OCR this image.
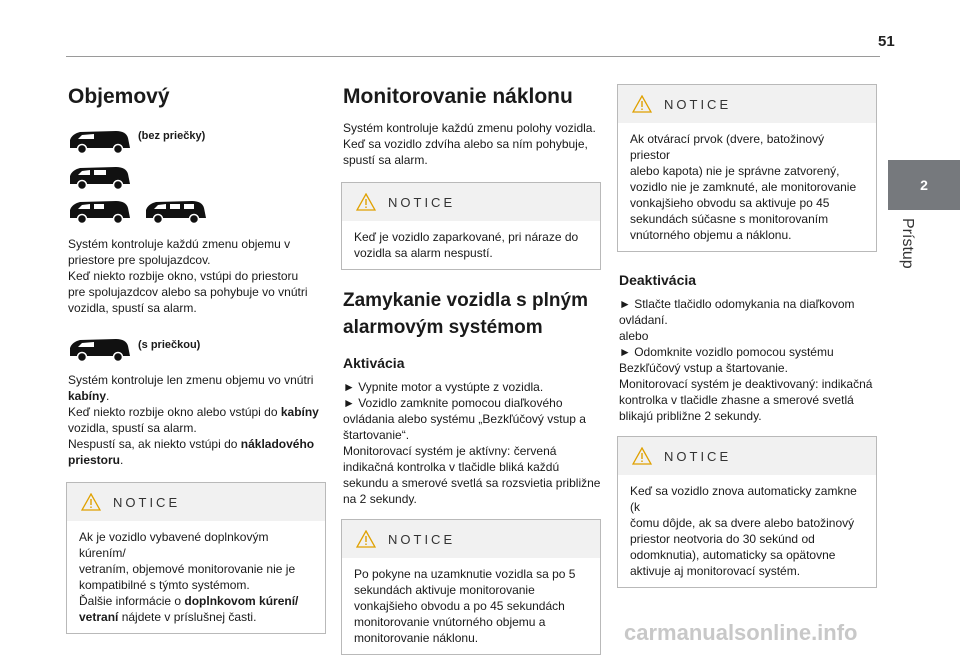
51
2
Prístup
Objemový
(bez priečky)

Systém kontroluje každú zmenu objemu v

priestore pre spolujazdcov.

Keď niekto rozbije okno, vstúpi do priestoru

pre spolujazdcov alebo sa pohybuje vo vnútri

vozidla, spustí sa alarm.

(s priečkou)

Systém kontroluje len zmenu objemu vo vnútri

kabíny.

Keď niekto rozbije okno alebo vstúpi do kabíny

vozidla, spustí sa alarm.

Nespustí sa, ak niekto vstúpi do nákladového

priestoru.

NOTICE

Ak je vozidlo vybavené doplnkovým kúrením/

vetraním, objemové monitorovanie nie je

kompatibilné s týmto systémom.

Ďalšie informácie o doplnkovom kúrení/

vetraní nájdete v príslušnej časti.

Monitorovanie náklonu

Systém kontroluje každú zmenu polohy vozidla.

Keď sa vozidlo zdvíha alebo sa ním pohybuje,

spustí sa alarm.

NOTICE

Keď je vozidlo zaparkované, pri náraze do

vozidla sa alarm nespustí.

Zamykanie vozidla s plným
alarmovým systémom
Aktivácia

► Vypnite motor a vystúpte z vozidla.

► Vozidlo zamknite pomocou diaľkového

ovládania alebo systému „Bezkľúčový vstup a

štartovanie“.

Monitorovací systém je aktívny: červená

indikačná kontrolka v tlačidle bliká každú

sekundu a smerové svetlá sa rozsvietia približne

na 2 sekundy.

NOTICE

Po pokyne na uzamknutie vozidla sa po 5

sekundách aktivuje monitorovanie

vonkajšieho obvodu a po 45 sekundách

monitorovanie vnútorného objemu a

monitorovanie náklonu.

NOTICE

Ak otvárací prvok (dvere, batožinový priestor

alebo kapota) nie je správne zatvorený,

vozidlo nie je zamknuté, ale monitorovanie

vonkajšieho obvodu sa aktivuje po 45

sekundách súčasne s monitorovaním

vnútorného objemu a náklonu.

Deaktivácia

► Stlačte tlačidlo odomykania na diaľkovom

ovládaní.

alebo

► Odomknite vozidlo pomocou systému

Bezkľúčový vstup a štartovanie.

Monitorovací systém je deaktivovaný: indikačná

kontrolka v tlačidle zhasne a smerové svetlá

blikajú približne 2 sekundy.

NOTICE

Keď sa vozidlo znova automaticky zamkne (k

čomu dôjde, ak sa dvere alebo batožinový

priestor neotvoria do 30 sekúnd od

odomknutia), automaticky sa opätovne

aktivuje aj monitorovací systém.

carmanualsonline.info
